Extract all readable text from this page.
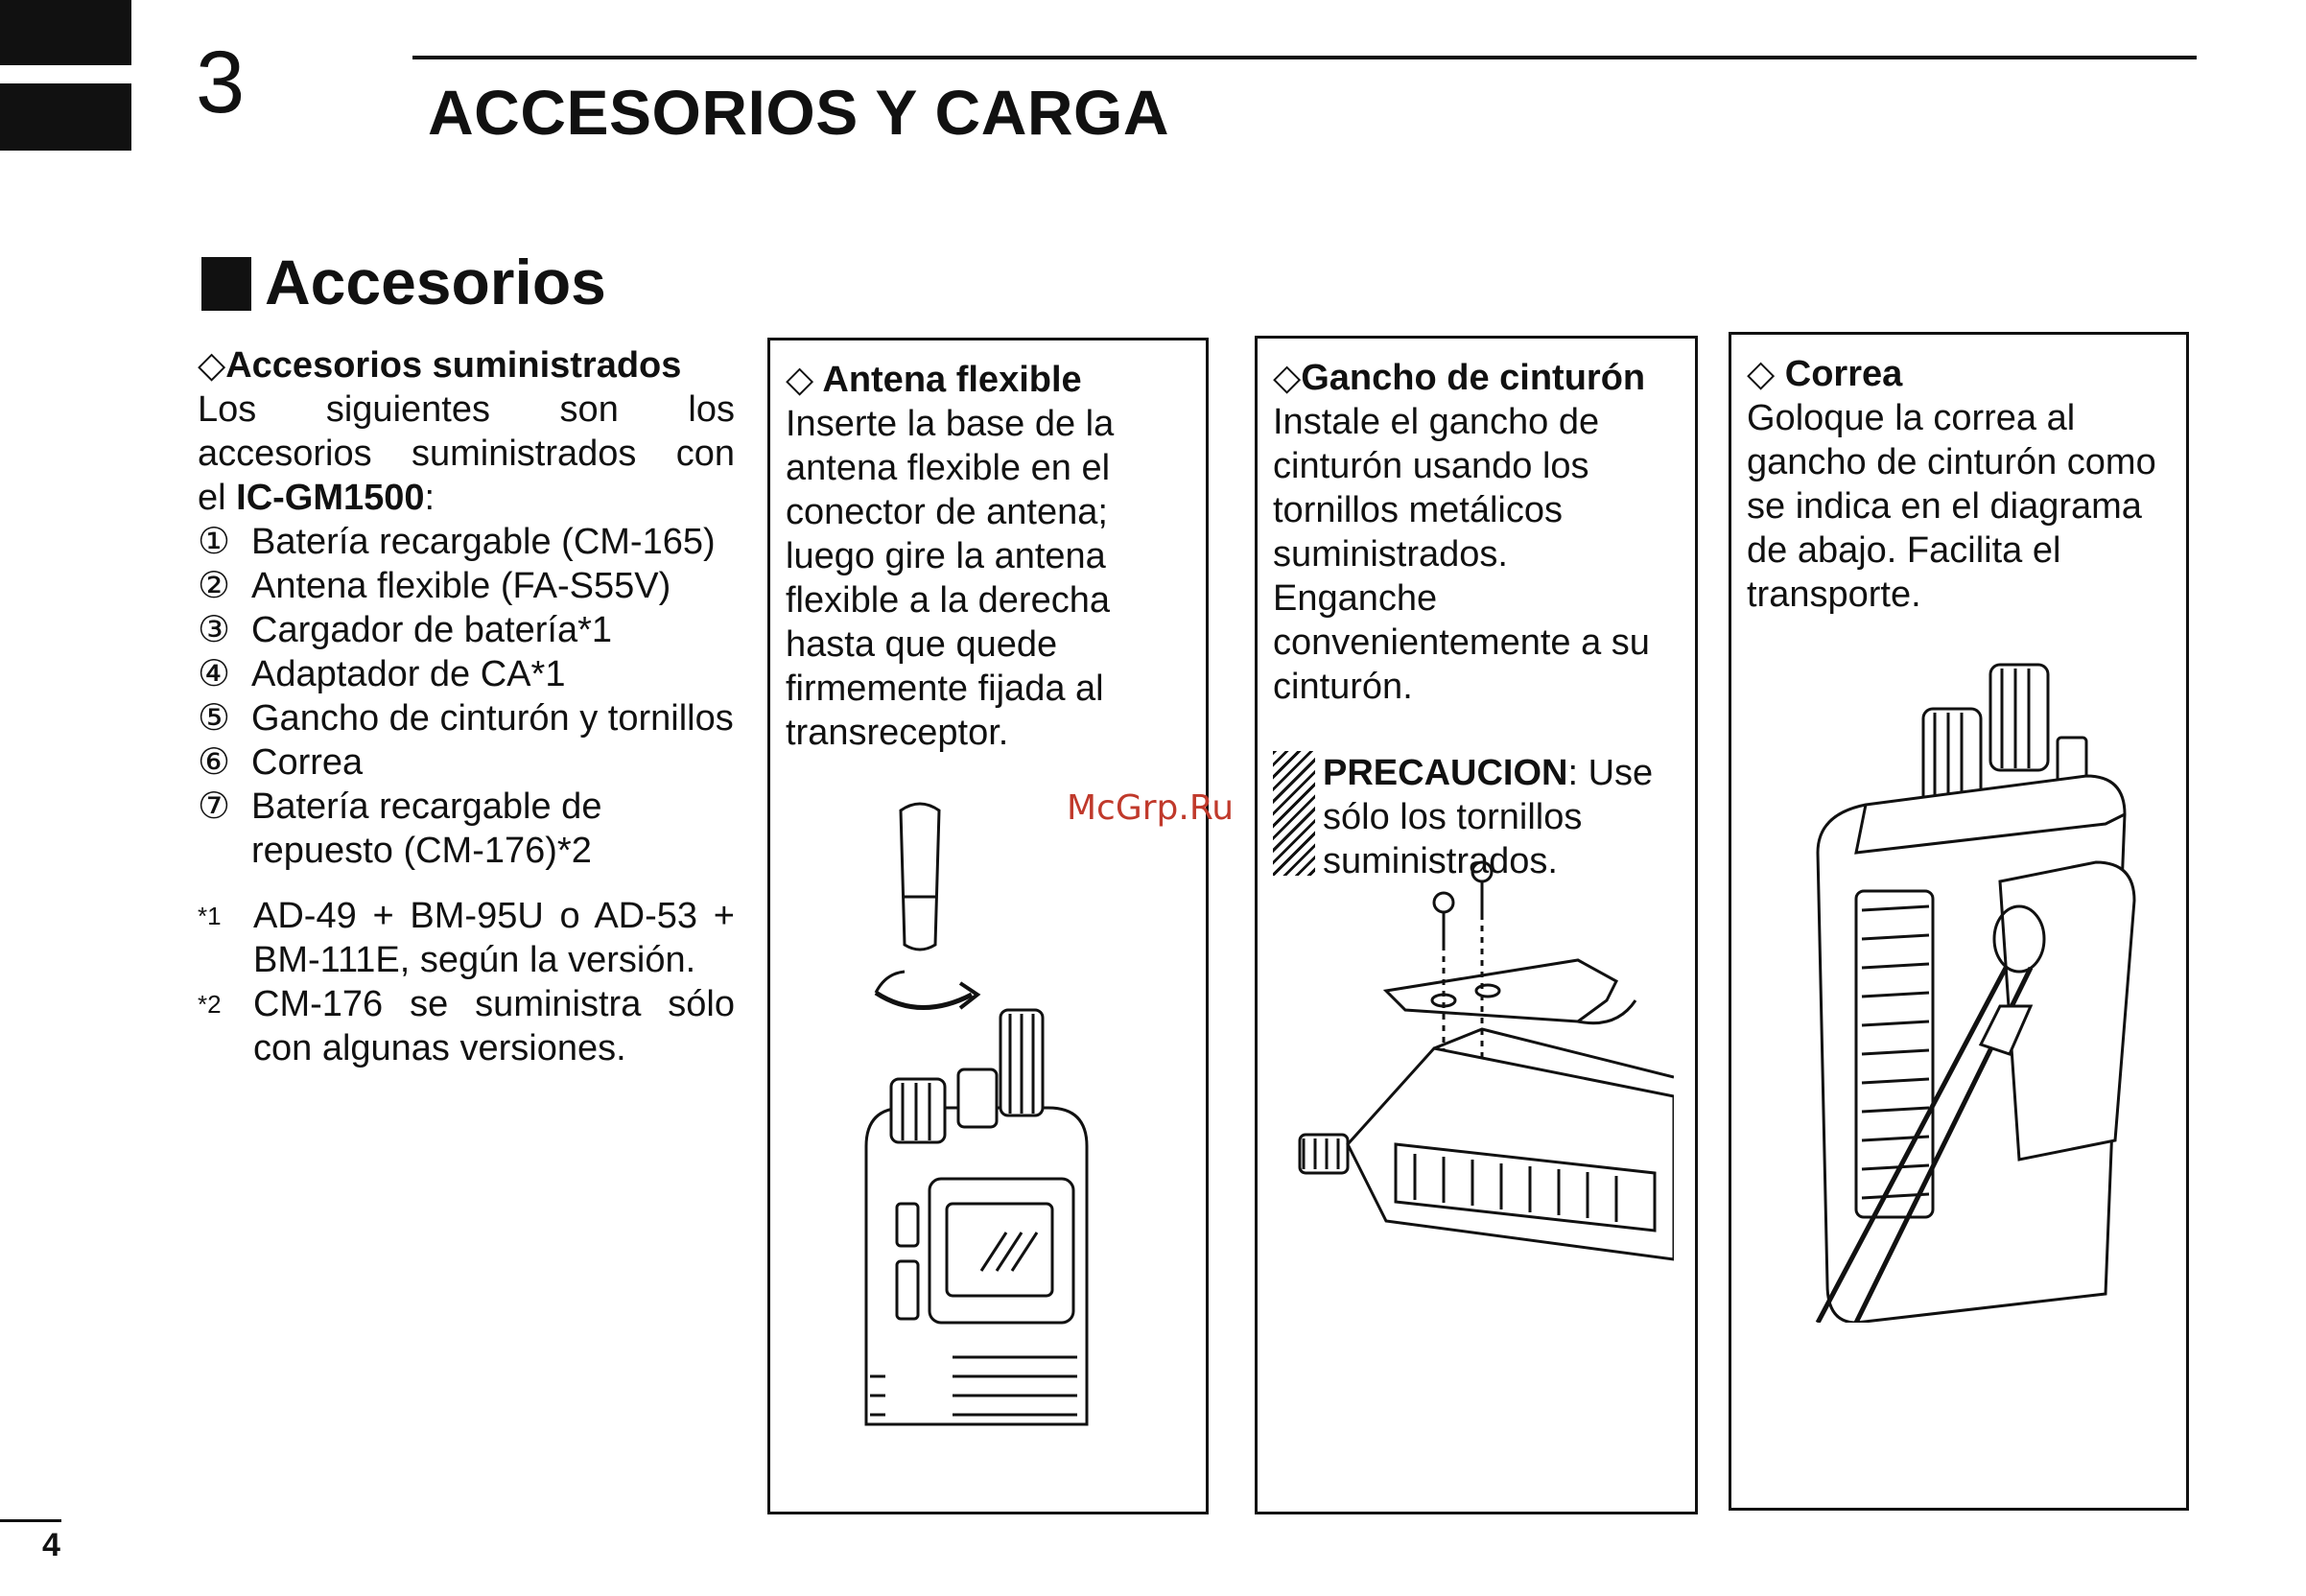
3	ACCESORIOS Y CARGA
Accesorios
◇Accesorios suministrados
Los siguientes son los
accesorios suministrados con
el IC-GM1500:
① Batería recargable (CM-165)
② Antena flexible (FA-S55V)
③ Cargador de batería*1
④ Adaptador de CA*1
⑤ Gancho de cinturón y tornillos
⑥ Correa
⑦ Batería recargable de repuesto (CM-176)*2
*1 AD-49 + BM-95U o AD-53 + BM-111E, según la versión.
*2 CM-176 se suministra sólo con algunas versiones.
◇ Antena flexible
Inserte la base de la antena flexible en el conector de antena; luego gire la antena flexible a la derecha hasta que quede firmemente fijada al transreceptor.
◇Gancho de cinturón
Instale el gancho de cinturón usando los tornillos metálicos suministrados. Enganche convenientemente a su cinturón.
PRECAUCION: Use sólo los tornillos suministrados.
◇ Correa
Goloque la correa al gancho de cinturón como se indica en el diagrama de abajo. Facilita el transporte.
McGrp.Ru
4
